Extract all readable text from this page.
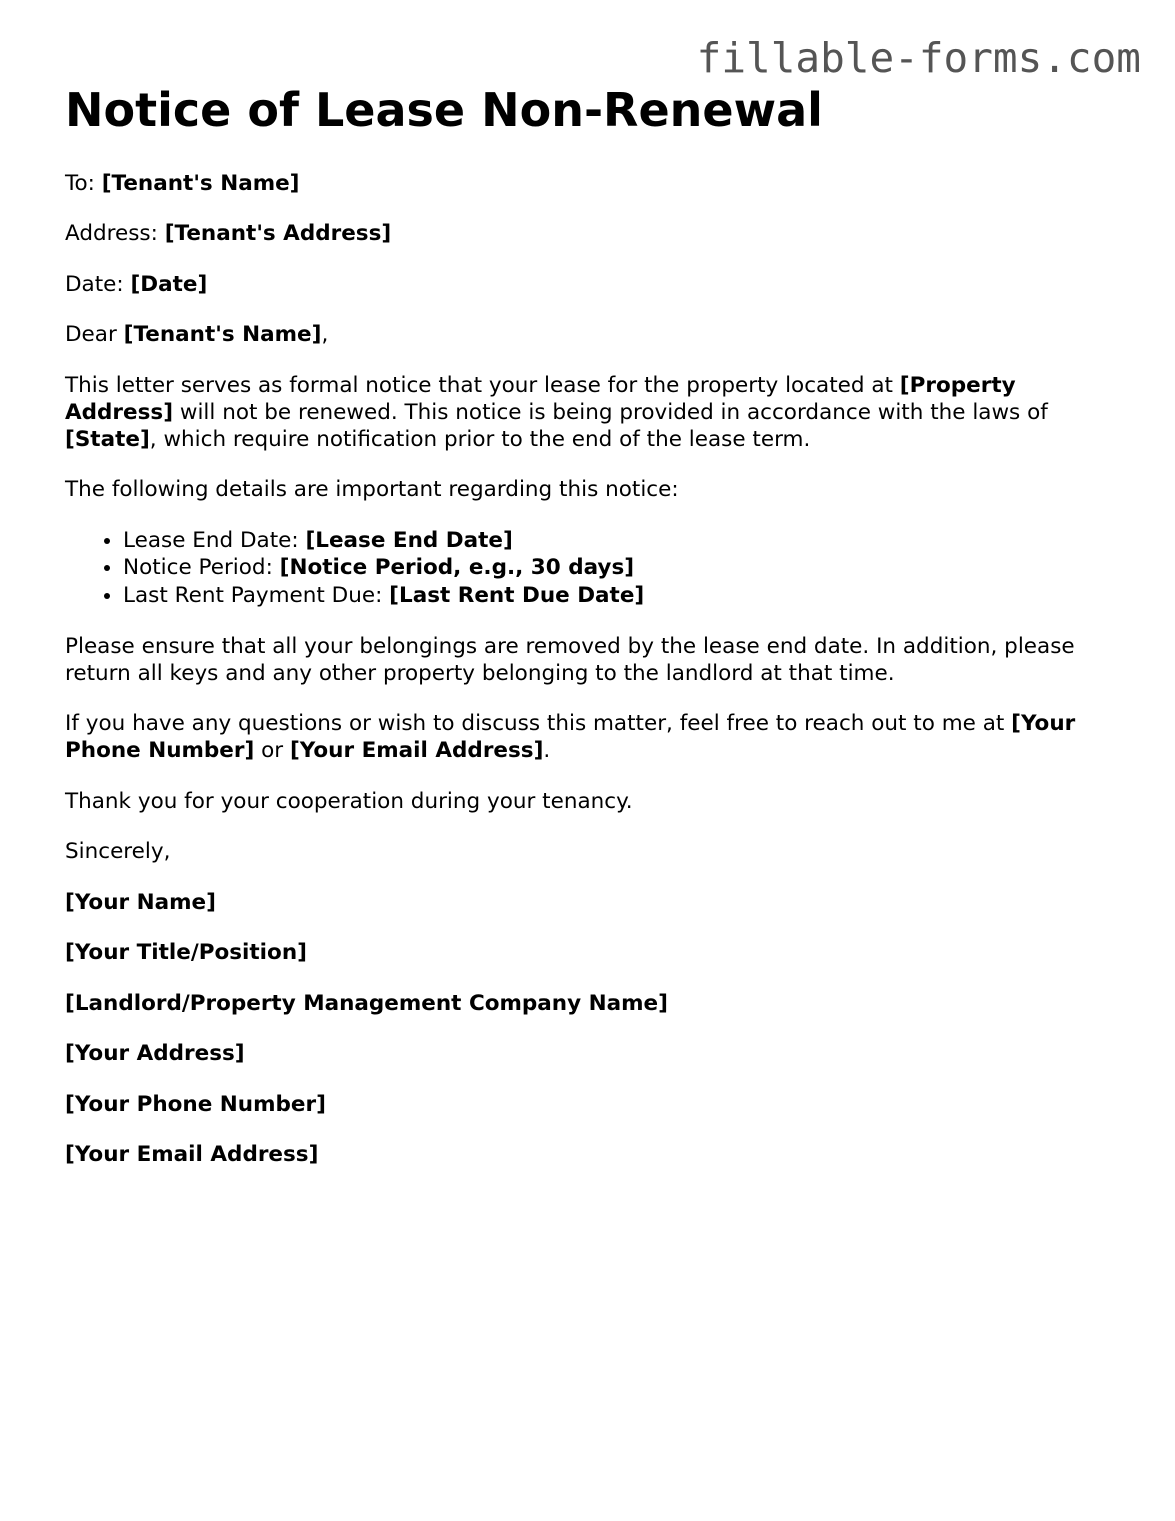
fillable-forms.com
Notice of Lease Non-Renewal

To: [Tenant's Name]

Address: [Tenant's Address]

Date: [Date]

Dear [Tenant's Name],

This letter serves as formal notice that your lease for the property located at [Property Address] will not be renewed. This notice is being provided in accordance with the laws of [State], which require notification prior to the end of the lease term.

The following details are important regarding this notice:

• Lease End Date: [Lease End Date]
• Notice Period: [Notice Period, e.g., 30 days]
• Last Rent Payment Due: [Last Rent Due Date]

Please ensure that all your belongings are removed by the lease end date. In addition, please return all keys and any other property belonging to the landlord at that time.

If you have any questions or wish to discuss this matter, feel free to reach out to me at [Your Phone Number] or [Your Email Address].

Thank you for your cooperation during your tenancy.

Sincerely,

[Your Name]

[Your Title/Position]

[Landlord/Property Management Company Name]

[Your Address]

[Your Phone Number]

[Your Email Address]
